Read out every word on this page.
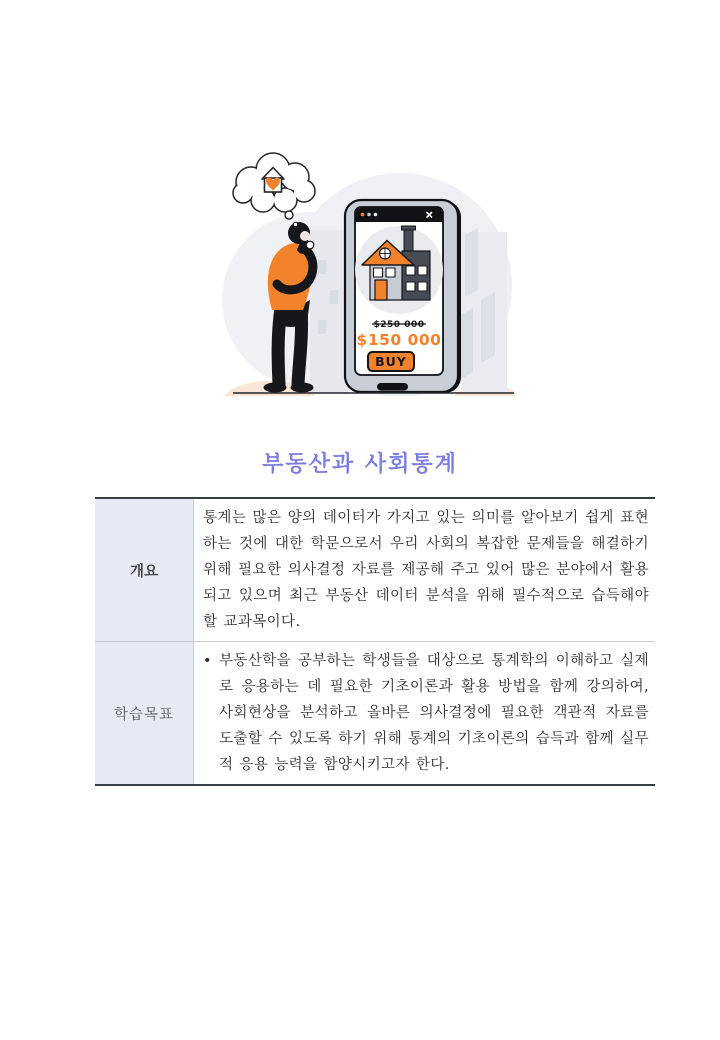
$250 000
$150 000
BUY
부동산과 사회통계
개요	통계는 많은 양의 데이터가 가지고 있는 의미를 알아보기 쉽게 표현하는 것에 대한 학문으로서 우리 사회의 복잡한 문제들을 해결하기 위해 필요한 의사결정 자료를 제공해 주고 있어 많은 분야에서 활용되고 있으며 최근 부동산 데이터 분석을 위해 필수적으로 습득해야 할 교과목이다.
학습목표	• 부동산학을 공부하는 학생들을 대상으로 통계학의 이해하고 실제로 응용하는 데 필요한 기초이론과 활용 방법을 함께 강의하여, 사회현상을 분석하고 올바른 의사결정에 필요한 객관적 자료를 도출할 수 있도록 하기 위해 통계의 기초이론의 습득과 함께 실무적 응용 능력을 함양시키고자 한다.
